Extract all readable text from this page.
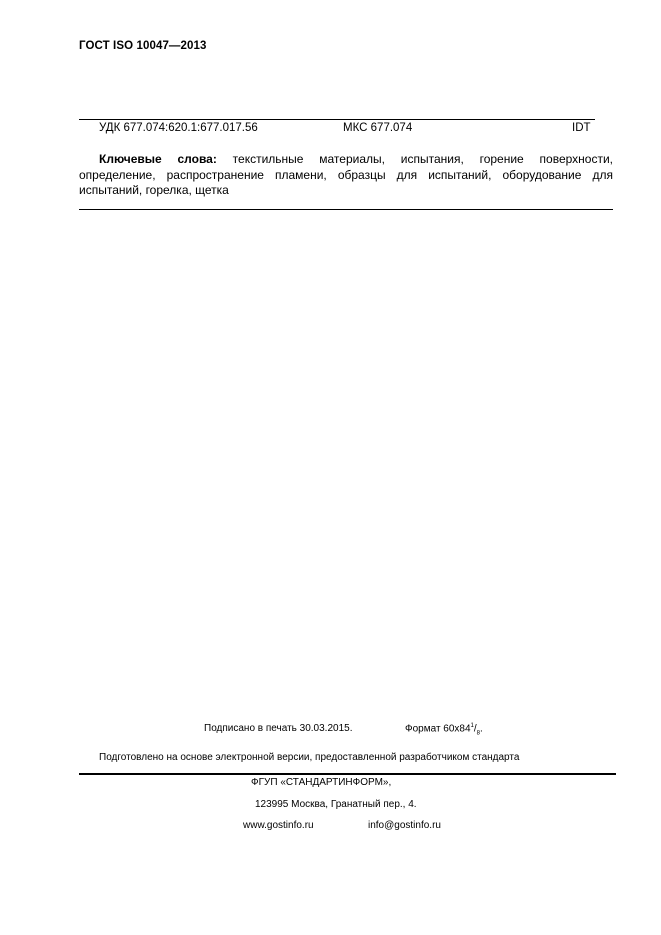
ГОСТ ISO 10047—2013
УДК 677.074:620.1:677.017.56	МКС 677.074	IDT

Ключевые слова: текстильные материалы, испытания, горение поверхности, определение, распространение пламени, образцы для испытаний, оборудование для испытаний, горелка, щетка

Подписано в печать 30.03.2015.	Формат $60x84^1/_8$.
Подготовлено на основе электронной версии, предоставленной разработчиком стандарта
ФГУП «СТАНДАРТИНФОРМ»,
123995 Москва, Гранатный пер., 4.
www.gostinfo.ru	info@gostinfo.ru
